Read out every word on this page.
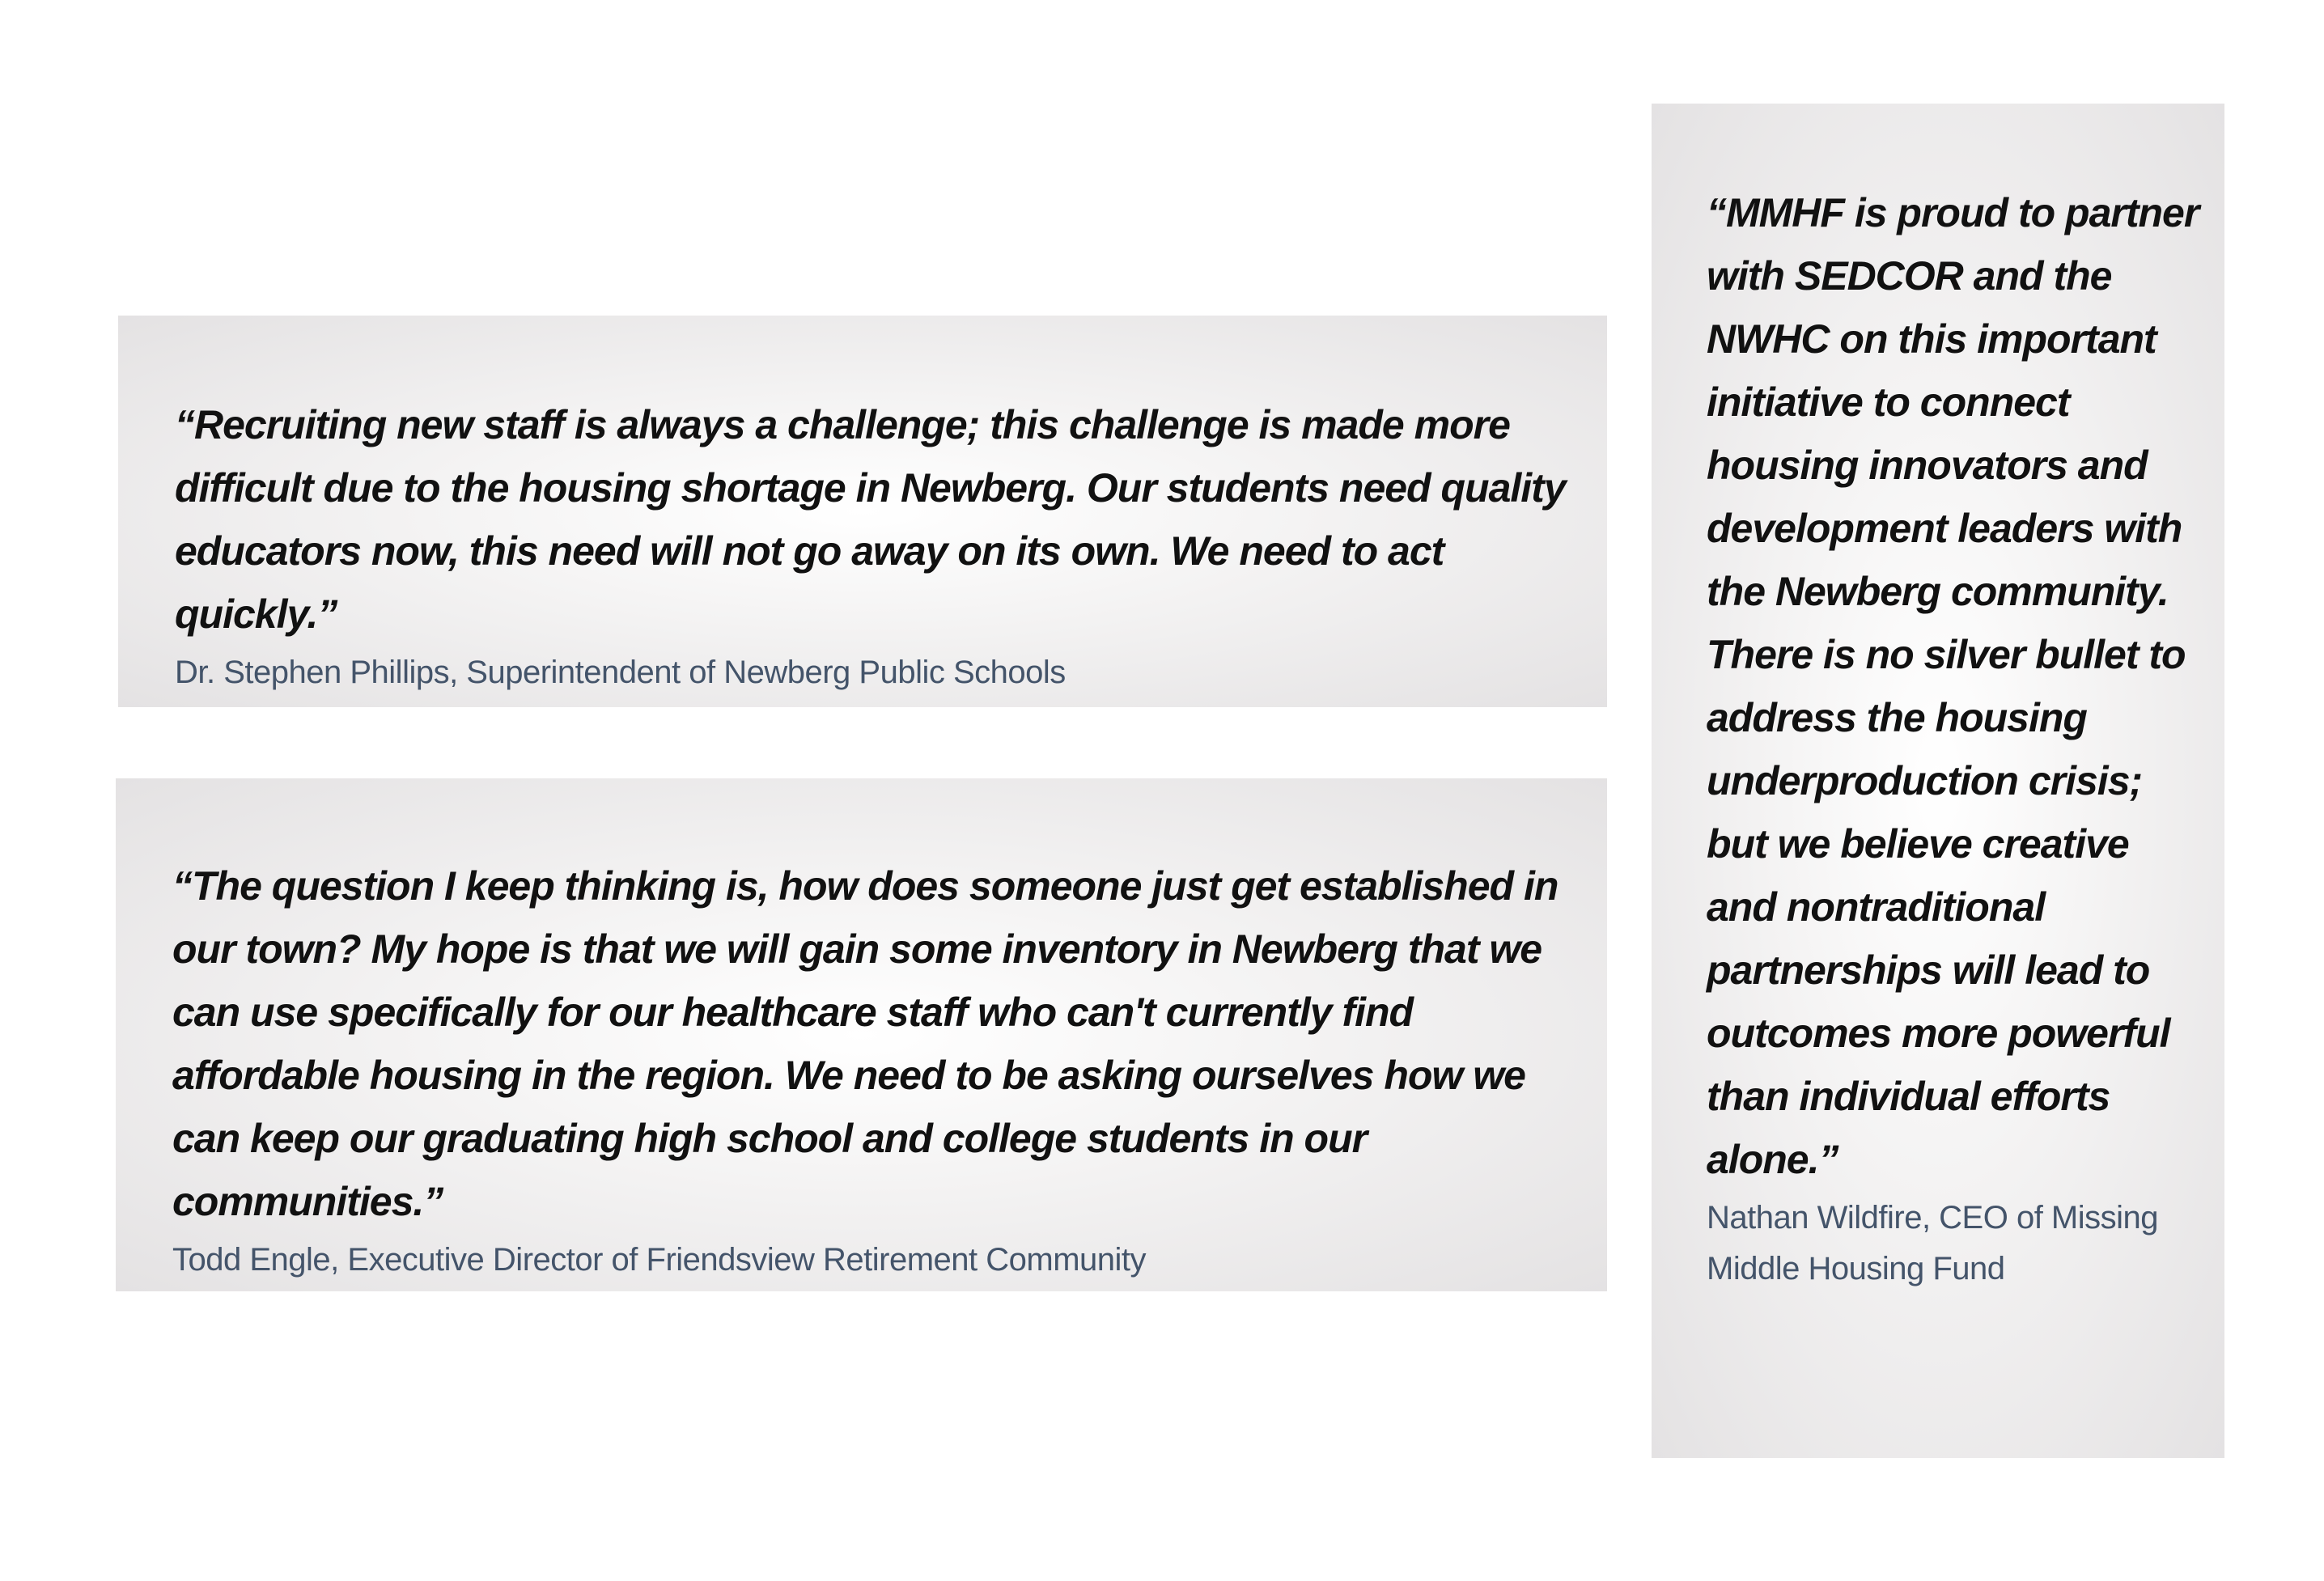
“Recruiting new staff is always a challenge; this challenge is made more difficult due to the housing shortage in Newberg. Our students need quality educators now, this need will not go away on its own. We need to act quickly.”

Dr. Stephen Phillips, Superintendent of Newberg Public Schools

“The question I keep thinking is, how does someone just get established in our town? My hope is that we will gain some inventory in Newberg that we can use specifically for our healthcare staff who can't currently find affordable housing in the region. We need to be asking ourselves how we can keep our graduating high school and college students in our communities.”

Todd Engle, Executive Director of Friendsview Retirement Community

“MMHF is proud to partner with SEDCOR and the NWHC on this important initiative to connect housing innovators and development leaders with the Newberg community. There is no silver bullet to address the housing underproduction crisis; but we believe creative and nontraditional partnerships will lead to outcomes more powerful than individual efforts alone.”

Nathan Wildfire, CEO of Missing Middle Housing Fund
